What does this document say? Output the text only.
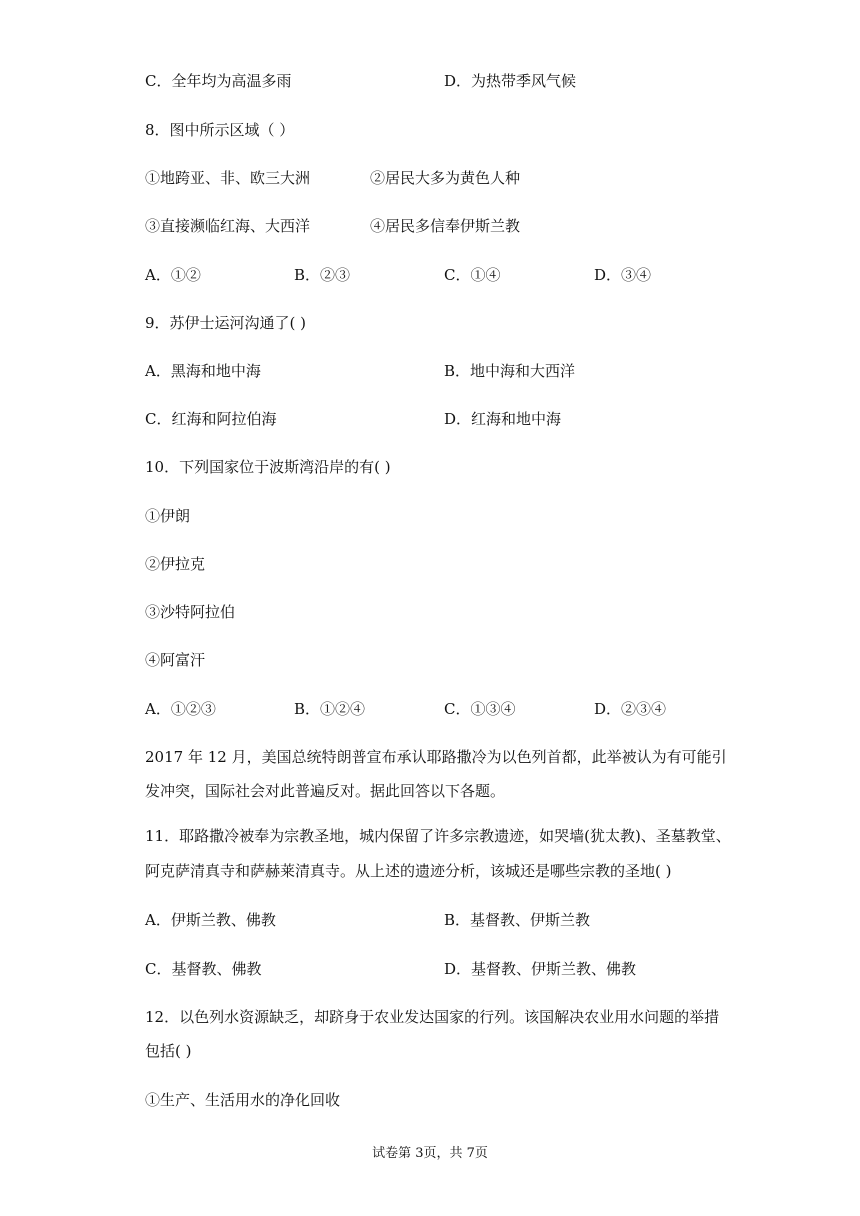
C．全年均为高温多雨	D．为热带季风气候

8．图中所示区域（ ）

①地跨亚、非、欧三大洲	②居民大多为黄色人种
③直接濒临红海、大西洋	④居民多信奉伊斯兰教
A．①②	B．②③	C．①④	D．③④

9．苏伊士运河沟通了( )

A．黑海和地中海	B．地中海和大西洋
C．红海和阿拉伯海	D．红海和地中海

10．下列国家位于波斯湾沿岸的有( )

①伊朗

②伊拉克

③沙特阿拉伯

④阿富汗

A．①②③	B．①②④	C．①③④	D．②③④

2017 年 12 月，美国总统特朗普宣布承认耶路撒冷为以色列首都，此举被认为有可能引

发冲突，国际社会对此普遍反对。据此回答以下各题。

11．耶路撒冷被奉为宗教圣地，城内保留了许多宗教遗迹，如哭墙(犹太教)、圣墓教堂、

阿克萨清真寺和萨赫莱清真寺。从上述的遗迹分析，该城还是哪些宗教的圣地( )

A．伊斯兰教、佛教	B．基督教、伊斯兰教
C．基督教、佛教	D．基督教、伊斯兰教、佛教

12．以色列水资源缺乏，却跻身于农业发达国家的行列。该国解决农业用水问题的举措

包括( )

①生产、生活用水的净化回收

试卷第 3页，共 7页
